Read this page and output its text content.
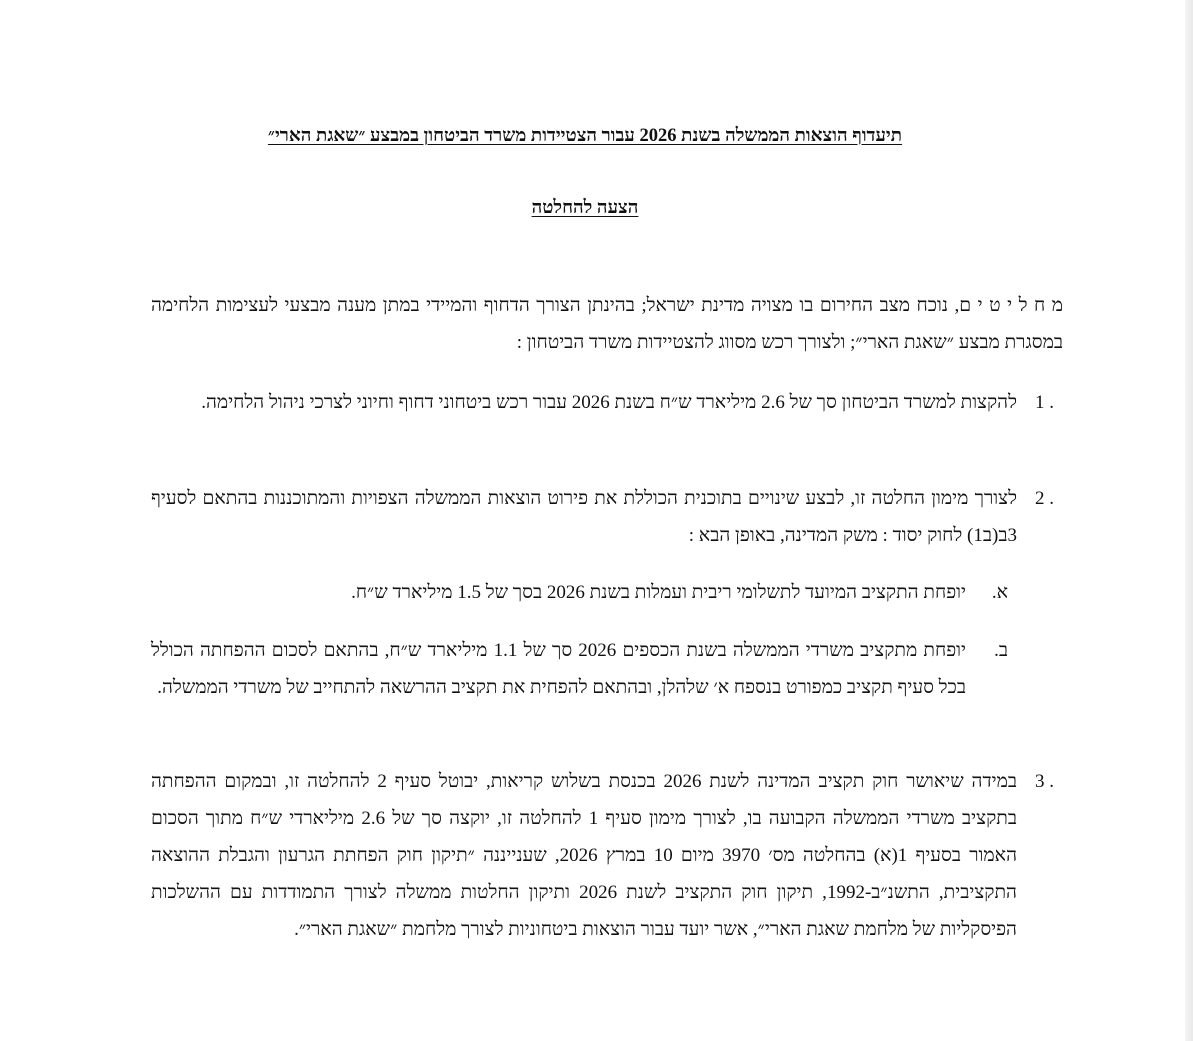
תיעדוף הוצאות הממשלה בשנת 2026 עבור הצטיידות משרד הביטחון במבצע ״שאגת הארי״
הצעה להחלטה
מ ח ל י ט י ם, נוכח מצב החירום בו מצויה מדינת ישראל; בהינתן הצורך הדחוף והמיידי במתן מענה מבצעי לעצימות הלחימה במסגרת מבצע ״שאגת הארי״; ולצורך רכש מסווג להצטיידות משרד הביטחון :
1 .
להקצות למשרד הביטחון סך של 2.6 מיליארד ש״ח בשנת 2026 עבור רכש ביטחוני דחוף וחיוני לצרכי ניהול הלחימה.
2 .
לצורך מימון החלטה זו, לבצע שינויים בתוכנית הכוללת את פירוט הוצאות הממשלה הצפויות והמתוכננות בהתאם לסעיף 3ב(ב1) לחוק יסוד : משק המדינה, באופן הבא :
א.
יופחת התקציב המיועד לתשלומי ריבית ועמלות בשנת 2026 בסך של 1.5 מיליארד ש״ח.
ב.
יופחת מתקציב משרדי הממשלה בשנת הכספים 2026 סך של 1.1 מיליארד ש״ח, בהתאם לסכום ההפחתה הכולל בכל סעיף תקציב כמפורט בנספח א׳ שלהלן, ובהתאם להפחית את תקציב ההרשאה להתחייב של משרדי הממשלה.
3 .
במידה שיאושר חוק תקציב המדינה לשנת 2026 בכנסת בשלוש קריאות, יבוטל סעיף 2 להחלטה זו, ובמקום ההפחתה בתקציב משרדי הממשלה הקבועה בו, לצורך מימון סעיף 1 להחלטה זו, יוקצה סך של 2.6 מיליארדי ש״ח מתוך הסכום האמור בסעיף 1(א) בהחלטה מס׳ 3970 מיום 10 במרץ 2026, שענייננה ״תיקון חוק הפחתת הגרעון והגבלת ההוצאה התקציבית, התשנ״ב-1992, תיקון חוק התקציב לשנת 2026 ותיקון החלטות ממשלה לצורך התמודדות עם ההשלכות הפיסקליות של מלחמת שאגת הארי״, אשר יועד עבור הוצאות ביטחוניות לצורך מלחמת ״שאגת הארי״.
